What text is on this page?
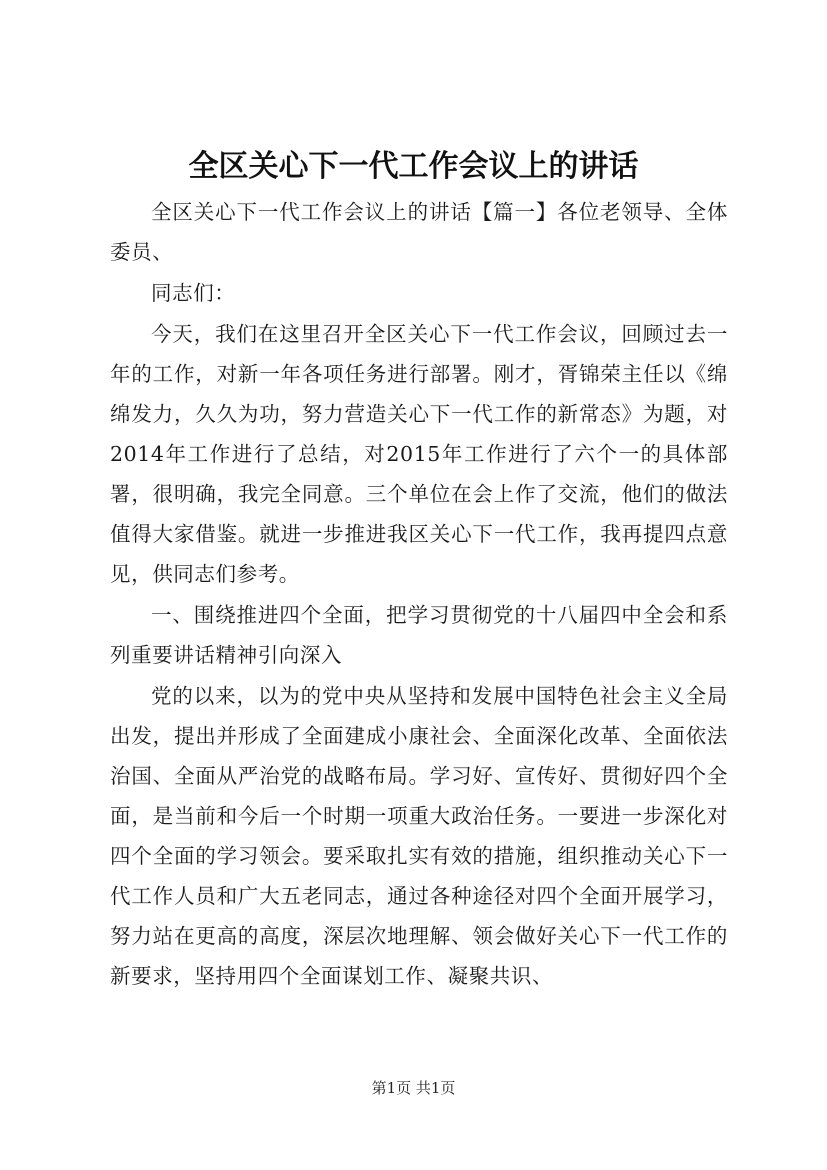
全区关心下一代工作会议上的讲话

全区关心下一代工作会议上的讲话【篇一】各位老领导、全体委员、

同志们：

今天，我们在这里召开全区关心下一代工作会议，回顾过去一年的工作，对新一年各项任务进行部署。刚才，胥锦荣主任以《绵绵发力，久久为功，努力营造关心下一代工作的新常态》为题，对2014年工作进行了总结，对2015年工作进行了六个一的具体部署，很明确，我完全同意。三个单位在会上作了交流，他们的做法值得大家借鉴。就进一步推进我区关心下一代工作，我再提四点意见，供同志们参考。

一、围绕推进四个全面，把学习贯彻党的十八届四中全会和系列重要讲话精神引向深入

党的以来，以为的党中央从坚持和发展中国特色社会主义全局出发，提出并形成了全面建成小康社会、全面深化改革、全面依法治国、全面从严治党的战略布局。学习好、宣传好、贯彻好四个全面，是当前和今后一个时期一项重大政治任务。一要进一步深化对四个全面的学习领会。要采取扎实有效的措施，组织推动关心下一代工作人员和广大五老同志，通过各种途径对四个全面开展学习，努力站在更高的高度，深层次地理解、领会做好关心下一代工作的新要求，坚持用四个全面谋划工作、凝聚共识、

第1页 共1页
